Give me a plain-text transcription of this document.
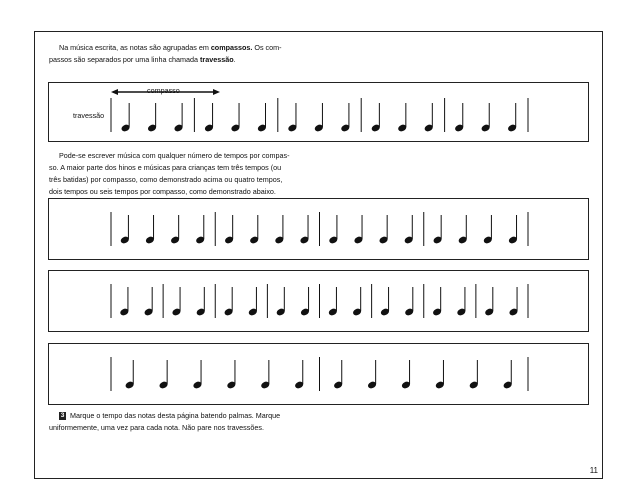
Na música escrita, as notas são agrupadas em compassos. Os com-
passos são separados por uma linha chamada travessão.
compasso
travessão
Pode-se escrever música com qualquer número de tempos por compas-
so. A maior parte dos hinos e músicas para crianças tem três tempos (ou
três batidas) por compasso, como demonstrado acima ou quatro tempos,
dois tempos ou seis tempos por compasso, como demonstrado abaixo.
3 Marque o tempo das notas desta página batendo palmas. Marque
uniformemente, uma vez para cada nota. Não pare nos travessões.
11
